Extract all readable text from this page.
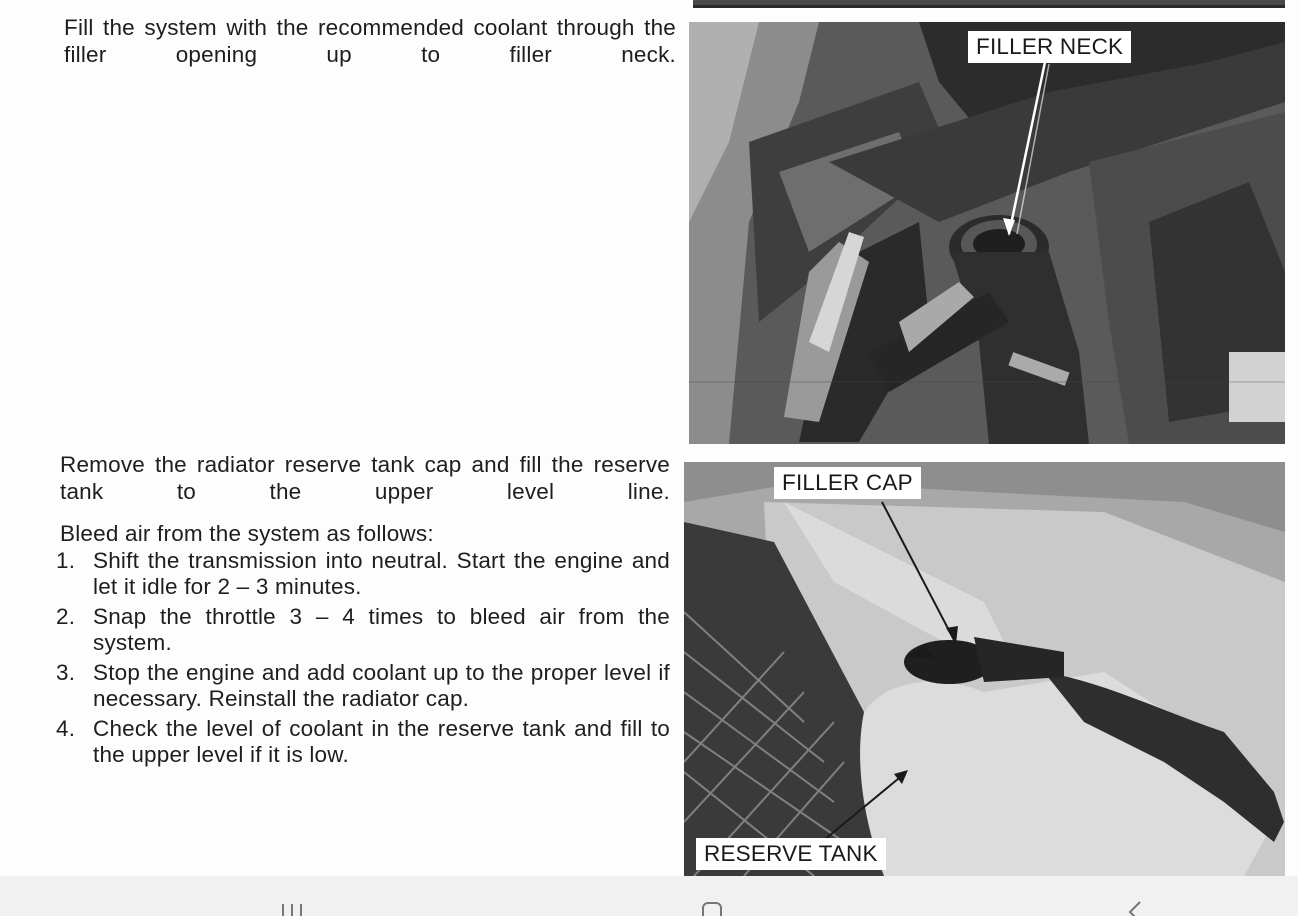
Fill the system with the recommended coolant through the filler opening up to filler neck.	FILLER NECK

Remove the radiator reserve tank cap and fill the reserve tank to the upper level line.

Bleed air from the system as follows:

1. Shift the transmission into neutral. Start the engine and let it idle for 2 – 3 minutes.
2. Snap the throttle 3 – 4 times to bleed air from the system.
3. Stop the engine and add coolant up to the proper level if necessary. Reinstall the radiator cap.
4. Check the level of coolant in the reserve tank and fill to the upper level if it is low.
FILLER CAP
RESERVE TANK
